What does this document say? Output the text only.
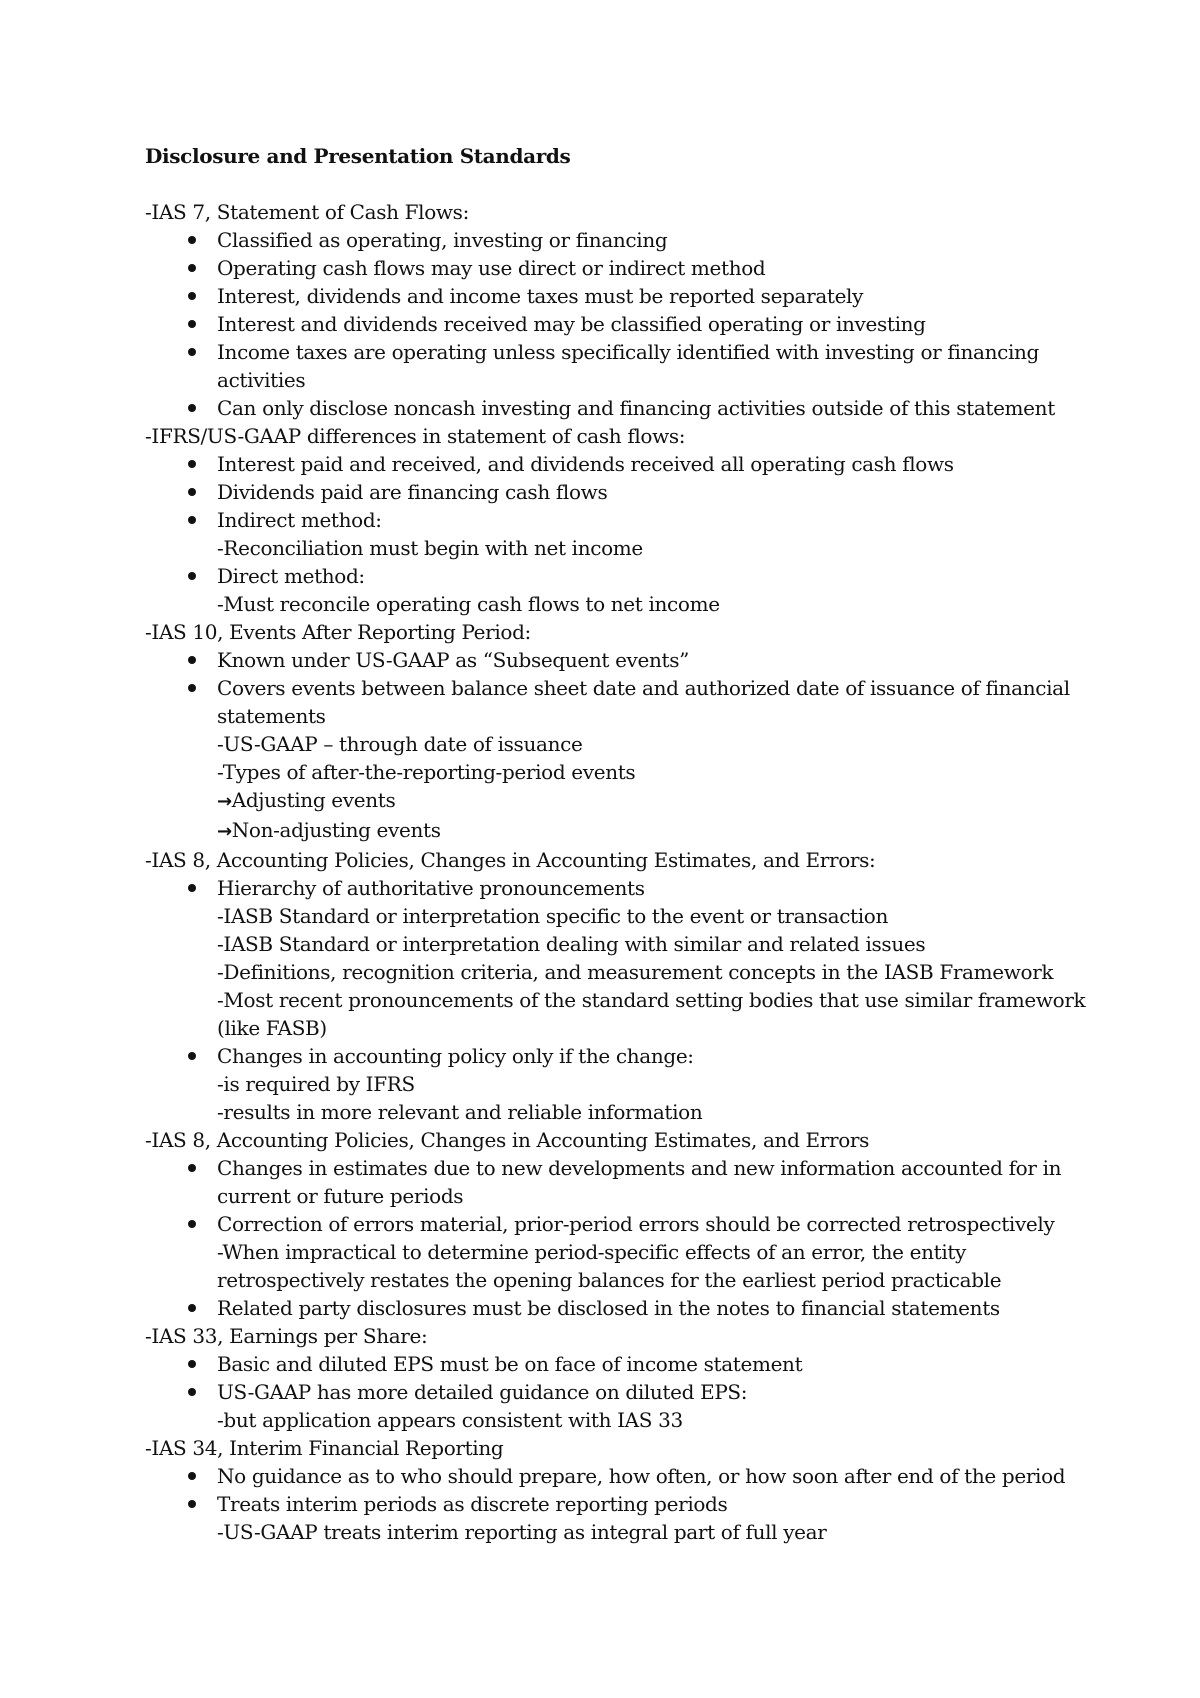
Disclosure and Presentation Standards

-IAS 7, Statement of Cash Flows:

Classified as operating, investing or financing
Operating cash flows may use direct or indirect method
Interest, dividends and income taxes must be reported separately
Interest and dividends received may be classified operating or investing
Income taxes are operating unless specifically identified with investing or financing activities
Can only disclose noncash investing and financing activities outside of this statement

-IFRS/US-GAAP differences in statement of cash flows:

Interest paid and received, and dividends received all operating cash flows
Dividends paid are financing cash flows
Indirect method:
-Reconciliation must begin with net income
Direct method:
-Must reconcile operating cash flows to net income

-IAS 10, Events After Reporting Period:

Known under US-GAAP as “Subsequent events”
Covers events between balance sheet date and authorized date of issuance of financial statements
-US-GAAP – through date of issuance
-Types of after-the-reporting-period events
→Adjusting events
→Non-adjusting events

-IAS 8, Accounting Policies, Changes in Accounting Estimates, and Errors:

Hierarchy of authoritative pronouncements
-IASB Standard or interpretation specific to the event or transaction
-IASB Standard or interpretation dealing with similar and related issues
-Definitions, recognition criteria, and measurement concepts in the IASB Framework
-Most recent pronouncements of the standard setting bodies that use similar framework (like FASB)
Changes in accounting policy only if the change:
-is required by IFRS
-results in more relevant and reliable information

-IAS 8, Accounting Policies, Changes in Accounting Estimates, and Errors

Changes in estimates due to new developments and new information accounted for in current or future periods
Correction of errors material, prior-period errors should be corrected retrospectively
-When impractical to determine period-specific effects of an error, the entity retrospectively restates the opening balances for the earliest period practicable
Related party disclosures must be disclosed in the notes to financial statements

-IAS 33, Earnings per Share:

Basic and diluted EPS must be on face of income statement
US-GAAP has more detailed guidance on diluted EPS:
-but application appears consistent with IAS 33

-IAS 34, Interim Financial Reporting

No guidance as to who should prepare, how often, or how soon after end of the period
Treats interim periods as discrete reporting periods
-US-GAAP treats interim reporting as integral part of full year
